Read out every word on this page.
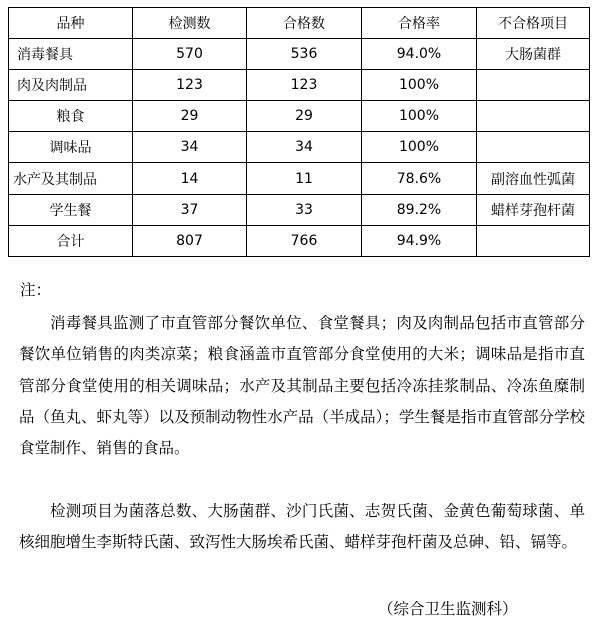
品种	检测数	合格数	合格率	不合格项目
消毒餐具	570	536	94.0%	大肠菌群
肉及肉制品	123	123	100%	
粮食	29	29	100%	
调味品	34	34	100%	
水产及其制品	14	11	78.6%	副溶血性弧菌
学生餐	37	33	89.2%	蜡样芽孢杆菌
合计	807	766	94.9%	
注：
消毒餐具监测了市直管部分餐饮单位、食堂餐具；肉及肉制品包括市直管部分餐饮单位销售的肉类凉菜；粮食涵盖市直管部分食堂使用的大米；调味品是指市直管部分食堂使用的相关调味品；水产及其制品主要包括冷冻挂浆制品、冷冻鱼糜制品（鱼丸、虾丸等）以及预制动物性水产品（半成品）；学生餐是指市直管部分学校食堂制作、销售的食品。
检测项目为菌落总数、大肠菌群、沙门氏菌、志贺氏菌、金黄色葡萄球菌、单核细胞增生李斯特氏菌、致泻性大肠埃希氏菌、蜡样芽孢杆菌及总砷、铅、镉等。
（综合卫生监测科）
